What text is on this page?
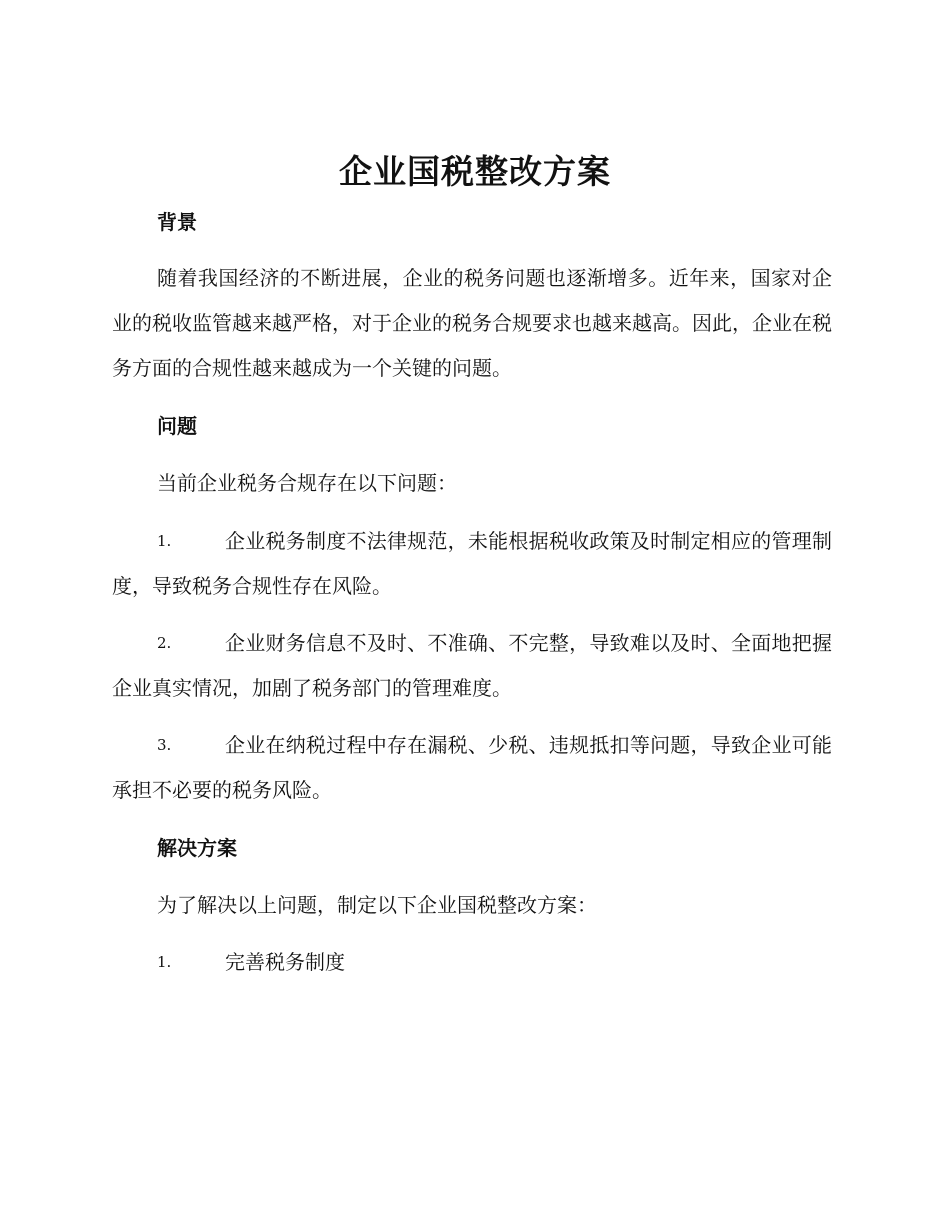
企业国税整改方案
背景

随着我国经济的不断进展，企业的税务问题也逐渐增多。近年来，国家对企业的税收监管越来越严格，对于企业的税务合规要求也越来越高。因此，企业在税务方面的合规性越来越成为一个关键的问题。

问题

当前企业税务合规存在以下问题：

1.	企业税务制度不法律规范，未能根据税收政策及时制定相应的管理制度，导致税务合规性存在风险。
2.	企业财务信息不及时、不准确、不完整，导致难以及时、全面地把握企业真实情况，加剧了税务部门的管理难度。
3.	企业在纳税过程中存在漏税、少税、违规抵扣等问题，导致企业可能承担不必要的税务风险。
解决方案

为了解决以上问题，制定以下企业国税整改方案：

1.	完善税务制度
